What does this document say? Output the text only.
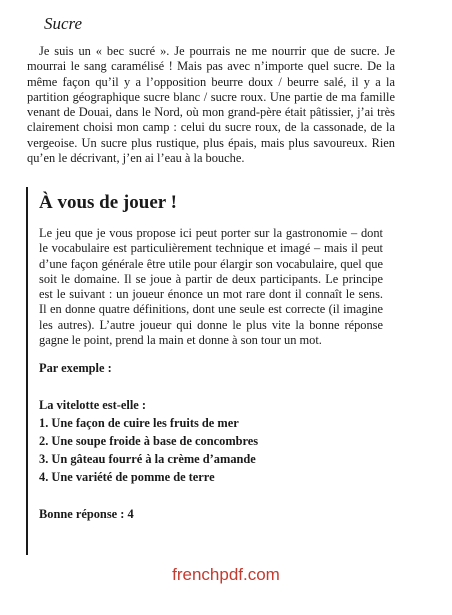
Sucre

Je suis un « bec sucré ». Je pourrais ne me nourrir que de sucre. Je mourrai le sang caramélisé ! Mais pas avec n’importe quel sucre. De la même façon qu’il y a l’opposition beurre doux / beurre salé, il y a la partition géographique sucre blanc / sucre roux. Une partie de ma famille venant de Douai, dans le Nord, où mon grand-père était pâtissier, j’ai très clairement choisi mon camp : celui du sucre roux, de la cassonade, de la vergeoise. Un sucre plus rustique, plus épais, mais plus savoureux. Rien qu’en le décrivant, j’en ai l’eau à la bouche.

À vous de jouer !

Le jeu que je vous propose ici peut porter sur la gastronomie – dont le vocabulaire est particulièrement technique et imagé – mais il peut d’une façon générale être utile pour élargir son vocabulaire, quel que soit le domaine. Il se joue à partir de deux participants. Le principe est le suivant : un joueur énonce un mot rare dont il connaît le sens. Il en donne quatre définitions, dont une seule est correcte (il imagine les autres). L’autre joueur qui donne le plus vite la bonne réponse gagne le point, prend la main et donne à son tour un mot.

Par exemple :

La vitelotte est-elle :

1. Une façon de cuire les fruits de mer
2. Une soupe froide à base de concombres
3. Un gâteau fourré à la crème d’amande
4. Une variété de pomme de terre

Bonne réponse : 4

frenchpdf.com
